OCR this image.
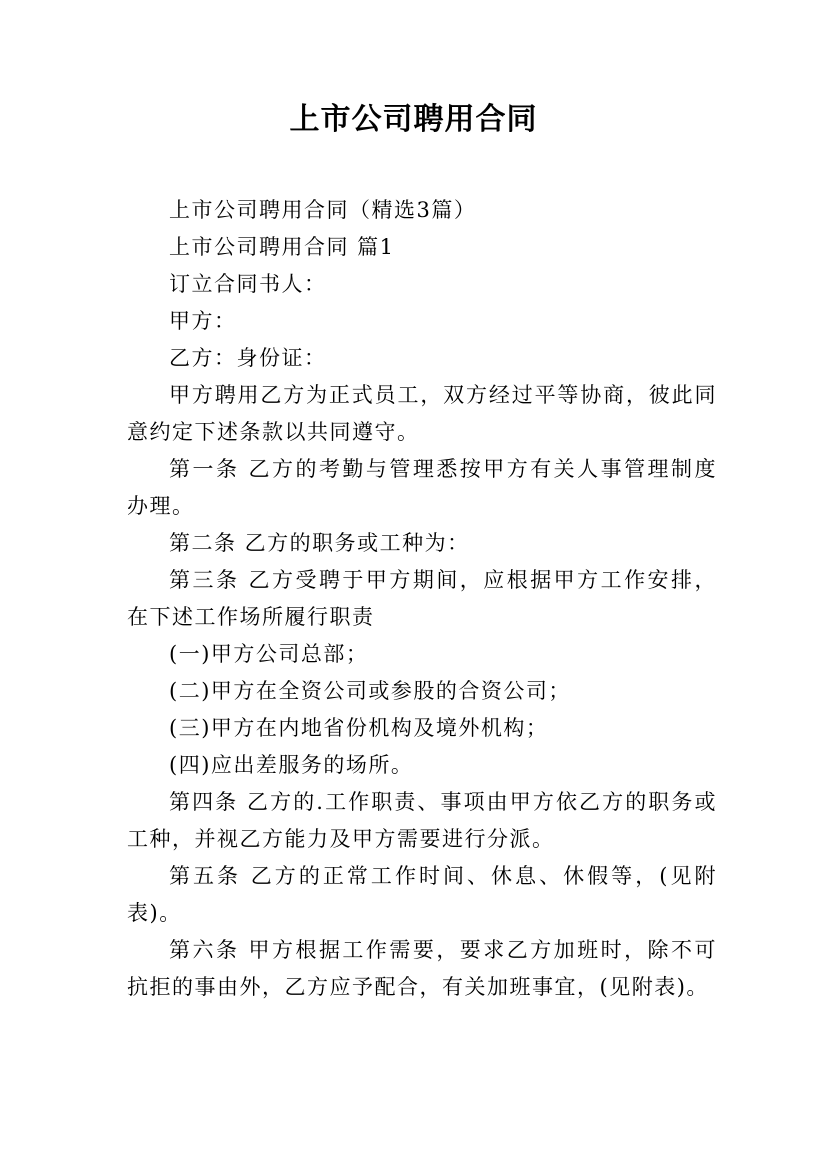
上市公司聘用合同

上市公司聘用合同（精选3篇）

上市公司聘用合同 篇1

订立合同书人：

甲方：

乙方：身份证：

甲方聘用乙方为正式员工，双方经过平等协商，彼此同意约定下述条款以共同遵守。

第一条 乙方的考勤与管理悉按甲方有关人事管理制度办理。

第二条 乙方的职务或工种为：

第三条 乙方受聘于甲方期间，应根据甲方工作安排，在下述工作场所履行职责

(一)甲方公司总部；

(二)甲方在全资公司或参股的合资公司；

(三)甲方在内地省份机构及境外机构；

(四)应出差服务的场所。

第四条 乙方的.工作职责、事项由甲方依乙方的职务或工种，并视乙方能力及甲方需要进行分派。

第五条 乙方的正常工作时间、休息、休假等，(见附表)。

第六条 甲方根据工作需要，要求乙方加班时，除不可抗拒的事由外，乙方应予配合，有关加班事宜，(见附表)。
